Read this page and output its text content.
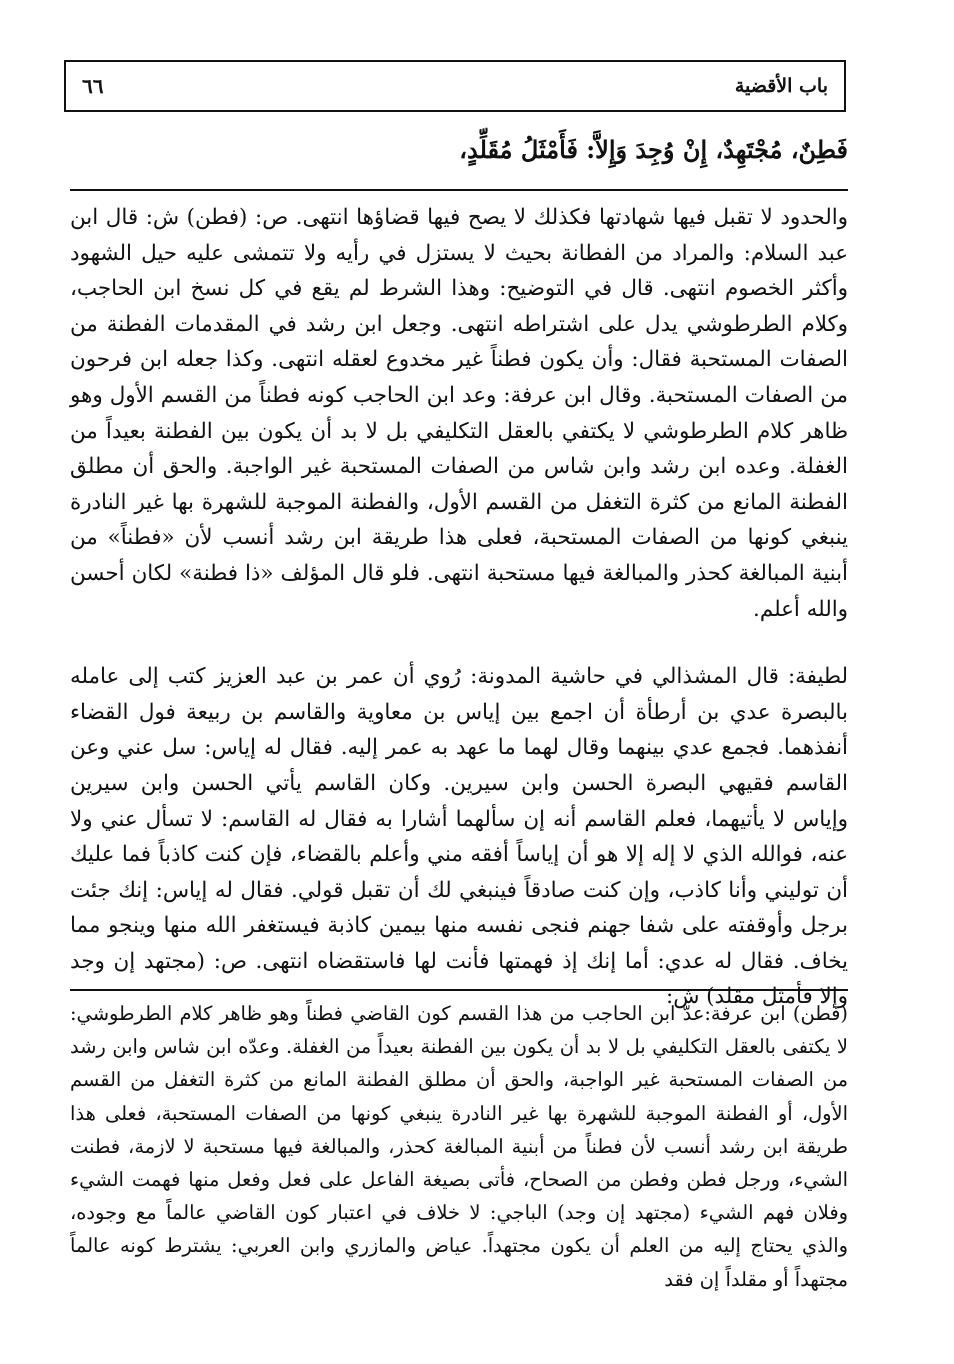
٦٦	باب الأقضية
فَطِنٌ، مُجْتَهِدٌ، إِنْ وُجِدَ وَإِلاَّ: فَأَمْثَلُ مُقَلِّدٍ،

والحدود لا تقبل فيها شهادتها فكذلك لا يصح فيها قضاؤها انتهى. ص: (فطن) ش: قال ابن عبد السلام: والمراد من الفطانة بحيث لا يستزل في رأيه ولا تتمشى عليه حيل الشهود وأكثر الخصوم انتهى. قال في التوضيح: وهذا الشرط لم يقع في كل نسخ ابن الحاجب، وكلام الطرطوشي يدل على اشتراطه انتهى. وجعل ابن رشد في المقدمات الفطنة من الصفات المستحبة فقال: وأن يكون فطناً غير مخدوع لعقله انتهى. وكذا جعله ابن فرحون من الصفات المستحبة. وقال ابن عرفة: وعد ابن الحاجب كونه فطناً من القسم الأول وهو ظاهر كلام الطرطوشي لا يكتفي بالعقل التكليفي بل لا بد أن يكون بين الفطنة بعيداً من الغفلة. وعده ابن رشد وابن شاس من الصفات المستحبة غير الواجبة. والحق أن مطلق الفطنة المانع من كثرة التغفل من القسم الأول، والفطنة الموجبة للشهرة بها غير النادرة ينبغي كونها من الصفات المستحبة، فعلى هذا طريقة ابن رشد أنسب لأن «فطناً» من أبنية المبالغة كحذر والمبالغة فيها مستحبة انتهى. فلو قال المؤلف «ذا فطنة» لكان أحسن والله أعلم.

لطيفة: قال المشذالي في حاشية المدونة: رُوي أن عمر بن عبد العزيز كتب إلى عامله بالبصرة عدي بن أرطأة أن اجمع بين إياس بن معاوية والقاسم بن ربيعة فول القضاء أنفذهما. فجمع عدي بينهما وقال لهما ما عهد به عمر إليه. فقال له إياس: سل عني وعن القاسم فقيهي البصرة الحسن وابن سيرين. وكان القاسم يأتي الحسن وابن سيرين وإياس لا يأتيهما، فعلم القاسم أنه إن سألهما أشارا به فقال له القاسم: لا تسأل عني ولا عنه، فوالله الذي لا إله إلا هو أن إياساً أفقه مني وأعلم بالقضاء، فإن كنت كاذباً فما عليك أن توليني وأنا كاذب، وإن كنت صادقاً فينبغي لك أن تقبل قولي. فقال له إياس: إنك جئت برجل وأوقفته على شفا جهنم فنجى نفسه منها بيمين كاذبة فيستغفر الله منها وينجو مما يخاف. فقال له عدي: أما إنك إذ فهمتها فأنت لها فاستقضاه انتهى. ص: (مجتهد إن وجد وإلا فأمثل مقلد) ش:

(فطن) ابن عرفة:عدّ ابن الحاجب من هذا القسم كون القاضي فطناً وهو ظاهر كلام الطرطوشي: لا يكتفى بالعقل التكليفي بل لا بد أن يكون بين الفطنة بعيداً من الغفلة. وعدّه ابن شاس وابن رشد من الصفات المستحبة غير الواجبة، والحق أن مطلق الفطنة المانع من كثرة التغفل من القسم الأول، أو الفطنة الموجبة للشهرة بها غير النادرة ينبغي كونها من الصفات المستحبة، فعلى هذا طريقة ابن رشد أنسب لأن فطناً من أبنية المبالغة كحذر، والمبالغة فيها مستحبة لا لازمة، فطنت الشيء، ورجل فطن وفطن من الصحاح، فأتى بصيغة الفاعل على فعل وفعل منها فهمت الشيء وفلان فهم الشيء (مجتهد إن وجد) الباجي: لا خلاف في اعتبار كون القاضي عالماً مع وجوده، والذي يحتاج إليه من العلم أن يكون مجتهداً. عياض والمازري وابن العربي: يشترط كونه عالماً مجتهداً أو مقلداً إن فقد
